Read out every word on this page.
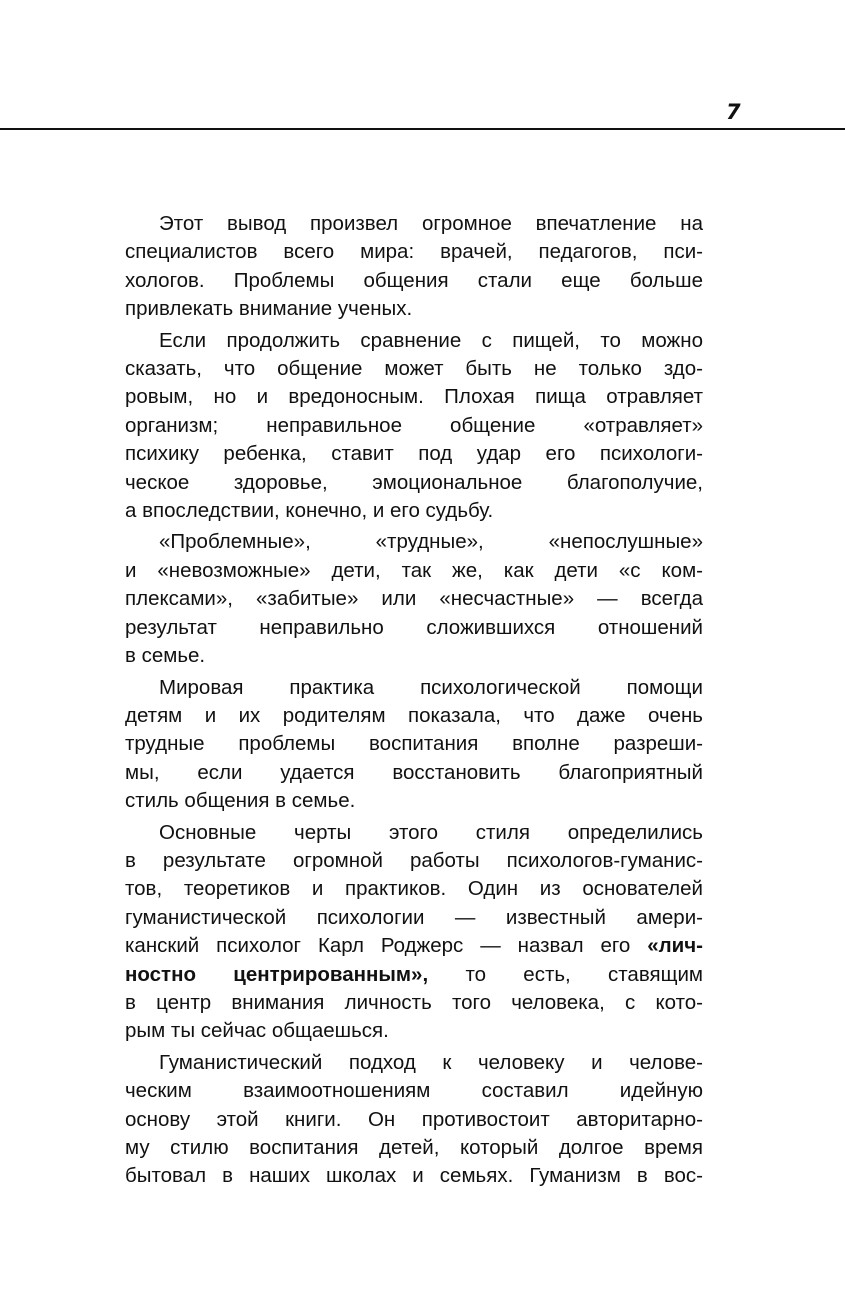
7
Этот вывод произвел огромное впечатление на
специалистов всего мира: врачей, педагогов, пси-
хологов. Проблемы общения стали еще больше
привлекать внимание ученых.
Если продолжить сравнение с пищей, то можно
сказать, что общение может быть не только здо-
ровым, но и вредоносным. Плохая пища отравляет
организм; неправильное общение «отравляет»
психику ребенка, ставит под удар его психологи-
ческое здоровье, эмоциональное благополучие,
а впоследствии, конечно, и его судьбу.
«Проблемные», «трудные», «непослушные»
и «невозможные» дети, так же, как дети «с ком-
плексами», «забитые» или «несчастные» — всегда
результат неправильно сложившихся отношений
в семье.
Мировая практика психологической помощи
детям и их родителям показала, что даже очень
трудные проблемы воспитания вполне разреши-
мы, если удается восстановить благоприятный
стиль общения в семье.
Основные черты этого стиля определились
в результате огромной работы психологов-гуманис-
тов, теоретиков и практиков. Один из основателей
гуманистической психологии — известный амери-
канский психолог Карл Роджерс — назвал его «лич-
ностно центрированным», то есть, ставящим
в центр внимания личность того человека, с кото-
рым ты сейчас общаешься.
Гуманистический подход к человеку и челове-
ческим взаимоотношениям составил идейную
основу этой книги. Он противостоит авторитарно-
му стилю воспитания детей, который долгое время
бытовал в наших школах и семьях. Гуманизм в вос-
